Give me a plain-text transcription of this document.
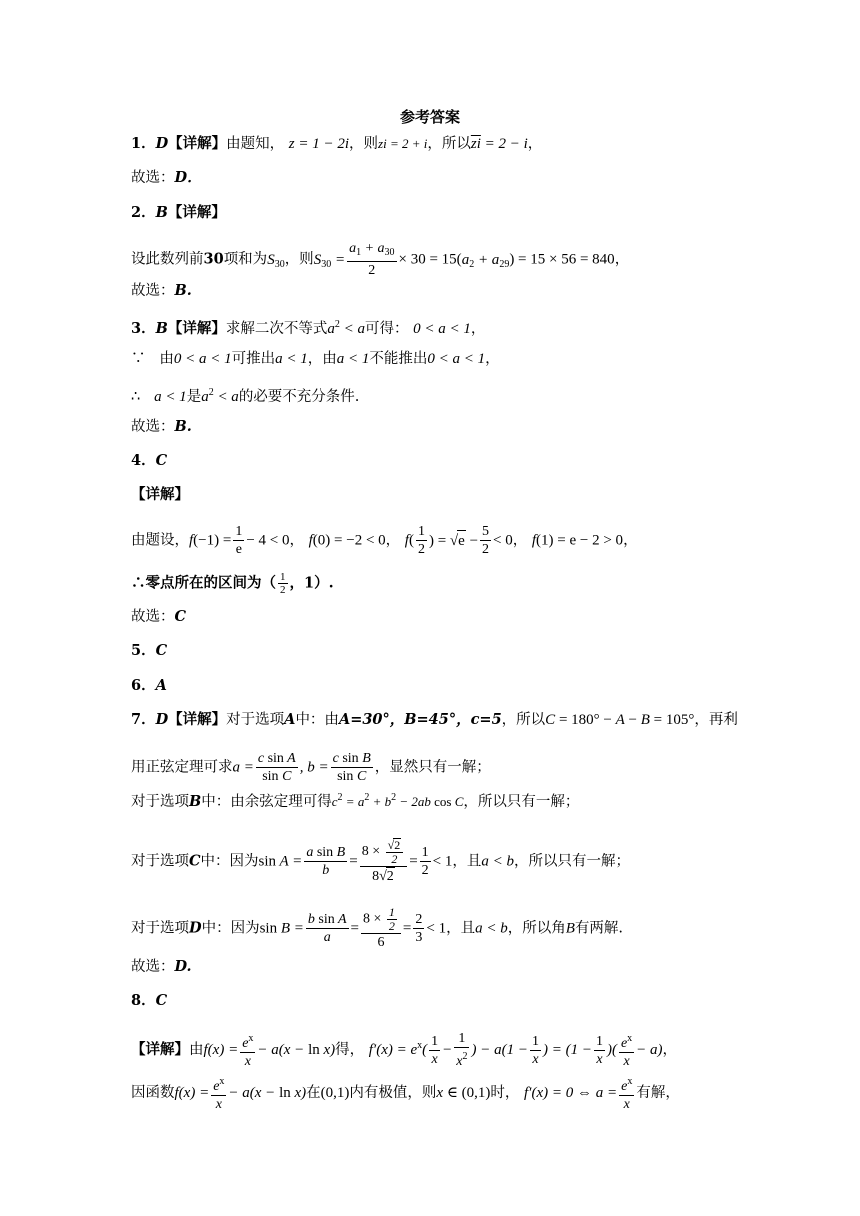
参考答案
1．D【详解】由题知， z = 1 − 2i，则zi = 2 + i，所以$\overline{zi} = 2 - i$，
故选：D．
2．B【详解】
设此数列前30项和为$S_{30}$，则$S_{30} = \frac{a_1 + a_{30}}{2} \times 30 = 15(a_2 + a_{29}) = 15 \times 56 = 840$，
故选：B.
3．B【详解】求解二次不等式$a^2 < a$可得： 0 < a < 1，
∵ 由0 < a < 1可推出a < 1，由a < 1不能推出0 < a < 1，
∴ a < 1是$a^2 < a$的必要不充分条件.
故选：B.
4．C
【详解】
由题设，$f(-1) = \frac{1}{e} - 4 < 0$， f(0) = −2 < 0， $f( \frac{1}{2}$ ) = $√e - \frac{5}{2} < 0$， f(1) = e − 2 > 0，
∴零点所在的区间为（ $\frac{1}{2}$ ，1）.
故选：C
5．C
6．A
7．D【详解】对于选项A中：由A=30°，B=45°，c=5，所以C = 180° − A − B = 105°，再利
用正弦定理可求$a = \frac{\text{c sin A}}{\text{sin C}}$ , $b = \frac{\text{c sin B}}{\text{sin C}}$ ，显然只有一解；
对于选项B中：由余弦定理可得$c^2 = a^2 + b^2 - 2ab$ cos C，所以只有一解；
对于选项C中：因为$\sin A = \frac{\text{a sin B}}{b} = \frac{8 \times \frac{√2}{2}}{8√2} = \frac{1}{2} < 1$，且a < b，所以只有一解；
对于选项D中：因为$\sin B = \frac{\text{b sin A}}{a} = \frac{8 \times \frac{1}{2}}{6} = \frac{2}{3} < 1$，且a < b，所以角B有两解.
故选：D.
8．C
【详解】由$f(x) = \frac{e^x}{x} - a(x - \ln x)$得， $f'(x) = e^x( \frac{1}{x} - \frac{1}{x^2}$ ) − $a(1 - \frac{1}{x}$ ) = ($1 - \frac{1}{x}$ )( $\frac{e^x}{x} - a$)，
因函数$f(x) = \frac{e^x}{x} - a(x - \ln x)$在(0,1)内有极值，则x ∈ (0,1)时， f′(x) = 0 ⇔ $a = \frac{e^x}{x}$ 有解，
